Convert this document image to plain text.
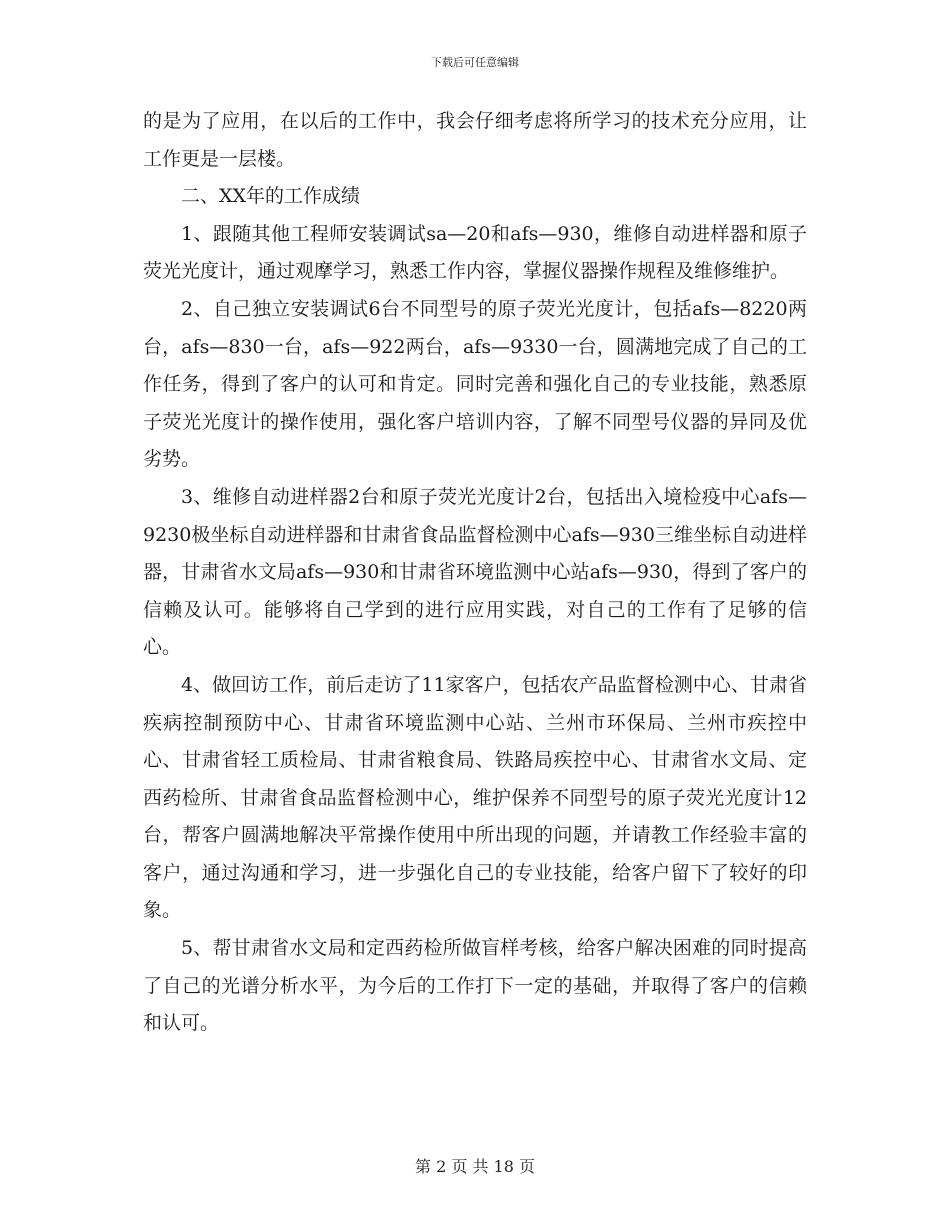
下载后可任意编辑

的是为了应用，在以后的工作中，我会仔细考虑将所学习的技术充分应用，让工作更是一层楼。

二、XX年的工作成绩

1、跟随其他工程师安装调试sa—20和afs—930，维修自动进样器和原子荧光光度计，通过观摩学习，熟悉工作内容，掌握仪器操作规程及维修维护。

2、自己独立安装调试6台不同型号的原子荧光光度计，包括afs—8220两台，afs—830一台，afs—922两台，afs—9330一台，圆满地完成了自己的工作任务，得到了客户的认可和肯定。同时完善和强化自己的专业技能，熟悉原子荧光光度计的操作使用，强化客户培训内容，了解不同型号仪器的异同及优劣势。

3、维修自动进样器2台和原子荧光光度计2台，包括出入境检疫中心afs—9230极坐标自动进样器和甘肃省食品监督检测中心afs—930三维坐标自动进样器，甘肃省水文局afs—930和甘肃省环境监测中心站afs—930，得到了客户的信赖及认可。能够将自己学到的进行应用实践，对自己的工作有了足够的信心。

4、做回访工作，前后走访了11家客户，包括农产品监督检测中心、甘肃省疾病控制预防中心、甘肃省环境监测中心站、兰州市环保局、兰州市疾控中心、甘肃省轻工质检局、甘肃省粮食局、铁路局疾控中心、甘肃省水文局、定西药检所、甘肃省食品监督检测中心，维护保养不同型号的原子荧光光度计12台，帮客户圆满地解决平常操作使用中所出现的问题，并请教工作经验丰富的客户，通过沟通和学习，进一步强化自己的专业技能，给客户留下了较好的印象。

5、帮甘肃省水文局和定西药检所做盲样考核，给客户解决困难的同时提高了自己的光谱分析水平，为今后的工作打下一定的基础，并取得了客户的信赖和认可。

第 2 页 共 18 页
